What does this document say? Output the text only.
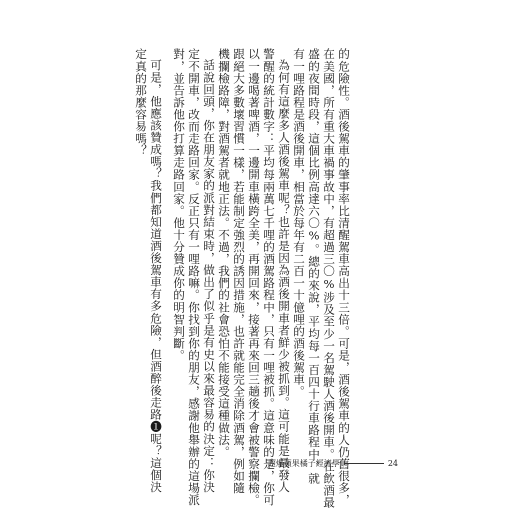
的危險性。酒後駕車的肇事率比清醒駕車高出十三倍。可是，酒後駕車的人仍舊很多，
在美國，所有重大車禍事故中，有超過三〇%涉及至少一名駕駛人酒後開車。在飲酒最
盛的夜間時段，這個比例高達六〇%。總的來說，平均每一百四十行車路程中，就
有一哩路程是酒後開車，相當於每年有二百一十億哩的酒後駕車。
為何有這麼多人酒後駕車呢？也許是因為酒後開車者鮮少被抓到。這可能是最發人
警醒的統計數字：平均每兩萬七千哩的酒駕路程中，只有一哩被抓。這意味的是，你可
以一邊喝著啤酒，一邊開車橫跨全美，再開回來，接著再來回三趟後才會被警察攔檢。
跟絕大多數壞習慣一樣，若能制定強烈的誘因措施，也許就能完全消除酒駕，例如隨
機攔檢路障，對酒駕者就地正法。不過，我們的社會恐怕不能接受這種做法。
話說回頭，你在朋友家的派對結束時，做出了似乎是有史以來最容易的決定：你決
定不開車，改而走路回家。反正只有一哩路嘛。你找到你的朋友，感謝他舉辦的這場派
對，並告訴他你打算走路回家。他十分贊成你的明智判斷。
可是，他應該贊成嗎？我們都知道酒後駕車有多危險，但酒醉後走路❶呢？這個決
定真的那麼容易嗎？
超爆蘋果橘子經濟學	24
